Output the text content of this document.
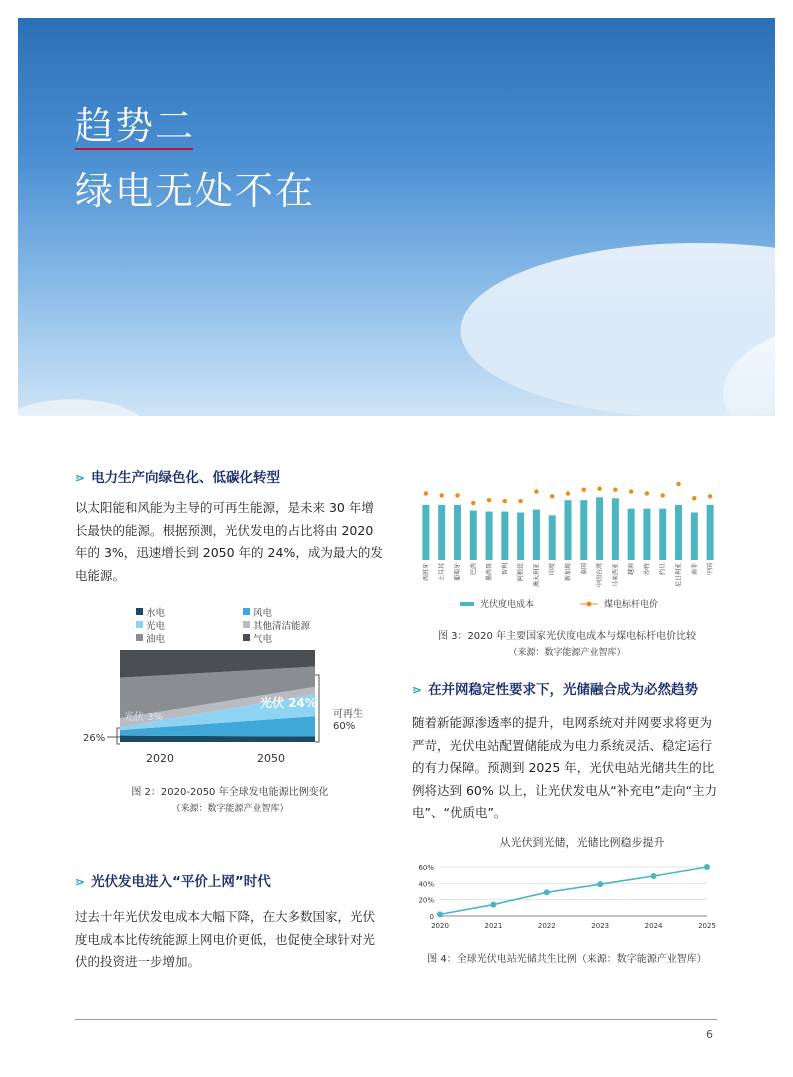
趋势二
绿电无处不在
⋗ 电力生产向绿色化、低碳化转型
以太阳能和风能为主导的可再生能源，是未来 30 年增长最快的能源。根据预测，光伏发电的占比将由 2020 年的 3%，迅速增长到 2050 年的 24%，成为最大的发电能源。
水电	风电
光电	其他清洁能源
油电	气电
26%
可再生
60%
光伏 3%
光伏 24%
2020	2050
图 2：2020-2050 年全球发电能源比例变化
（来源：数字能源产业智库）
⋗ 光伏发电进入“平价上网”时代
过去十年光伏发电成本大幅下降，在大多数国家，光伏度电成本比传统能源上网电价更低，也促使全球针对光伏的投资进一步增加。
西班牙 土耳其 葡萄牙 巴西 墨西哥 智利 阿根廷 澳大利亚 印度 新加坡 泰国 中国台湾 马来西亚 越南 沙特 约旦 尼日利亚 南非 中国
光伏度电成本	煤电标杆电价
图 3：2020 年主要国家光伏度电成本与煤电标杆电价比较
（来源：数字能源产业智库）
⋗ 在并网稳定性要求下，光储融合成为必然趋势
随着新能源渗透率的提升，电网系统对并网要求将更为严苛，光伏电站配置储能成为电力系统灵活、稳定运行的有力保障。预测到 2025 年，光伏电站光储共生的比例将达到 60% 以上，让光伏发电从“补充电”走向“主力电”、“优质电”。
从光伏到光储，光储比例稳步提升
0
20%
40%
60%
2020	2021	2022	2023	2024	2025
图 4：全球光伏电站光储共生比例（来源：数字能源产业智库）
6
